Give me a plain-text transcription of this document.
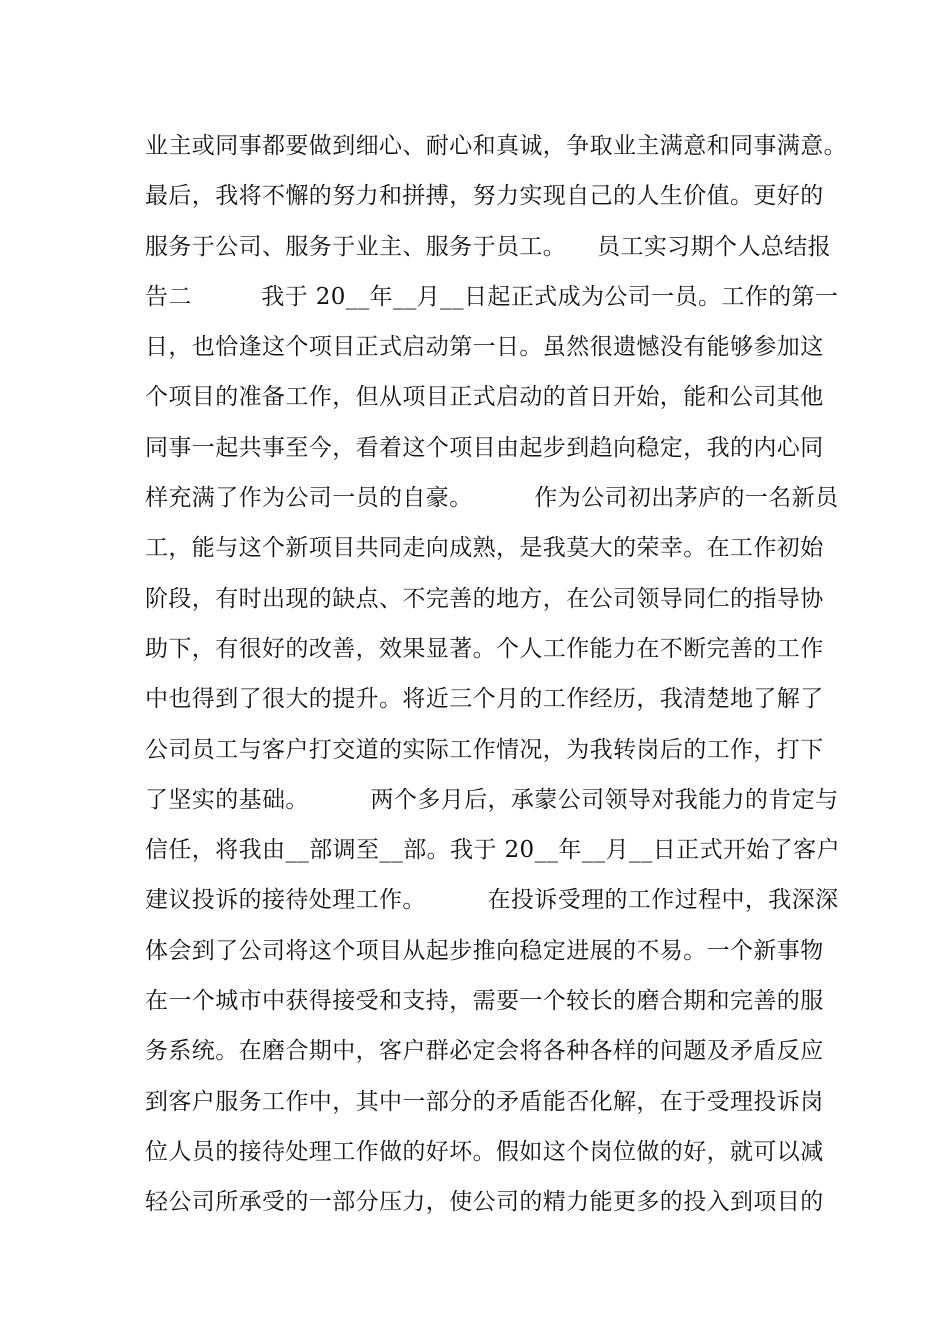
业主或同事都要做到细心、耐心和真诚，争取业主满意和同事满意。
最后，我将不懈的努力和拼搏，努力实现自己的人生价值。更好的
服务于公司、服务于业主、服务于员工。    员工实习期个人总结报
告二         我于 20__年__月__日起正式成为公司一员。工作的第一
日，也恰逢这个项目正式启动第一日。虽然很遗憾没有能够参加这
个项目的准备工作，但从项目正式启动的首日开始，能和公司其他
同事一起共事至今，看着这个项目由起步到趋向稳定，我的内心同
样充满了作为公司一员的自豪。        作为公司初出茅庐的一名新员
工，能与这个新项目共同走向成熟，是我莫大的荣幸。在工作初始
阶段，有时出现的缺点、不完善的地方，在公司领导同仁的指导协
助下，有很好的改善，效果显著。个人工作能力在不断完善的工作
中也得到了很大的提升。将近三个月的工作经历，我清楚地了解了
公司员工与客户打交道的实际工作情况，为我转岗后的工作，打下
了坚实的基础。        两个多月后，承蒙公司领导对我能力的肯定与
信任，将我由__部调至__部。我于 20__年__月__日正式开始了客户
建议投诉的接待处理工作。        在投诉受理的工作过程中，我深深
体会到了公司将这个项目从起步推向稳定进展的不易。一个新事物
在一个城市中获得接受和支持，需要一个较长的磨合期和完善的服
务系统。在磨合期中，客户群必定会将各种各样的问题及矛盾反应
到客户服务工作中，其中一部分的矛盾能否化解，在于受理投诉岗
位人员的接待处理工作做的好坏。假如这个岗位做的好，就可以减
轻公司所承受的一部分压力，使公司的精力能更多的投入到项目的
